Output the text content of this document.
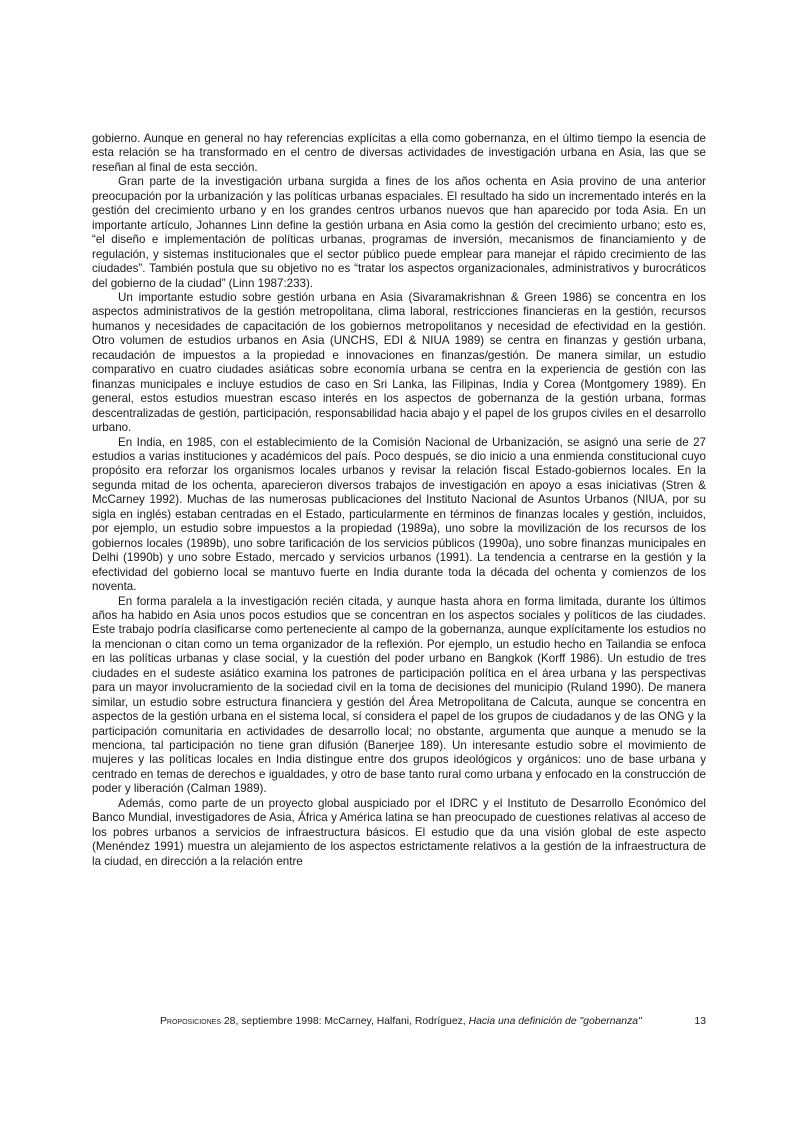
gobierno. Aunque en general no hay referencias explícitas a ella como gobernanza, en el último tiempo la esencia de esta relación se ha transformado en el centro de diversas actividades de investigación urbana en Asia, las que se reseñan al final de esta sección.

Gran parte de la investigación urbana surgida a fines de los años ochenta en Asia provino de una anterior preocupación por la urbanización y las políticas urbanas espaciales. El resultado ha sido un incrementado interés en la gestión del crecimiento urbano y en los grandes centros urbanos nuevos que han aparecido por toda Asia. En un importante artículo, Johannes Linn define la gestión urbana en Asia como la gestión del crecimiento urbano; esto es, “el diseño e implementación de políticas urbanas, programas de inversión, mecanismos de financiamiento y de regulación, y sistemas institucionales que el sector público puede emplear para manejar el rápido crecimiento de las ciudades”. También postula que su objetivo no es “tratar los aspectos organizacionales, administrativos y burocráticos del gobierno de la ciudad” (Linn 1987:233).

Un importante estudio sobre gestión urbana en Asia (Sivaramakrishnan & Green 1986) se concentra en los aspectos administrativos de la gestión metropolitana, clima laboral, restricciones financieras en la gestión, recursos humanos y necesidades de capacitación de los gobiernos metropolitanos y necesidad de efectividad en la gestión. Otro volumen de estudios urbanos en Asia (UNCHS, EDI & NIUA 1989) se centra en finanzas y gestión urbana, recaudación de impuestos a la propiedad e innovaciones en finanzas/gestión. De manera similar, un estudio comparativo en cuatro ciudades asiáticas sobre economía urbana se centra en la experiencia de gestión con las finanzas municipales e incluye estudios de caso en Sri Lanka, las Filipinas, India y Corea (Montgomery 1989). En general, estos estudios muestran escaso interés en los aspectos de gobernanza de la gestión urbana, formas descentralizadas de gestión, participación, responsabilidad hacia abajo y el papel de los grupos civiles en el desarrollo urbano.

En India, en 1985, con el establecimiento de la Comisión Nacional de Urbanización, se asignó una serie de 27 estudios a varias instituciones y académicos del país. Poco después, se dio inicio a una enmienda constitucional cuyo propósito era reforzar los organismos locales urbanos y revisar la relación fiscal Estado-gobiernos locales. En la segunda mitad de los ochenta, aparecieron diversos trabajos de investigación en apoyo a esas iniciativas (Stren & McCarney 1992). Muchas de las numerosas publicaciones del Instituto Nacional de Asuntos Urbanos (NIUA, por su sigla en inglés) estaban centradas en el Estado, particularmente en términos de finanzas locales y gestión, incluidos, por ejemplo, un estudio sobre impuestos a la propiedad (1989a), uno sobre la movilización de los recursos de los gobiernos locales (1989b), uno sobre tarificación de los servicios públicos (1990a), uno sobre finanzas municipales en Delhi (1990b) y uno sobre Estado, mercado y servicios urbanos (1991). La tendencia a centrarse en la gestión y la efectividad del gobierno local se mantuvo fuerte en India durante toda la década del ochenta y comienzos de los noventa.

En forma paralela a la investigación recién citada, y aunque hasta ahora en forma limitada, durante los últimos años ha habido en Asia unos pocos estudios que se concentran en los aspectos sociales y políticos de las ciudades. Este trabajo podría clasificarse como perteneciente al campo de la gobernanza, aunque explícitamente los estudios no la mencionan o citan como un tema organizador de la reflexión. Por ejemplo, un estudio hecho en Tailandia se enfoca en las políticas urbanas y clase social, y la cuestión del poder urbano en Bangkok (Korff 1986). Un estudio de tres ciudades en el sudeste asiático examina los patrones de participación política en el área urbana y las perspectivas para un mayor involucramiento de la sociedad civil en la toma de decisiones del municipio (Ruland 1990). De manera similar, un estudio sobre estructura financiera y gestión del Área Metropolitana de Calcuta, aunque se concentra en aspectos de la gestión urbana en el sistema local, sí considera el papel de los grupos de ciudadanos y de las ONG y la participación comunitaria en actividades de desarrollo local; no obstante, argumenta que aunque a menudo se la menciona, tal participación no tiene gran difusión (Banerjee 189). Un interesante estudio sobre el movimiento de mujeres y las políticas locales en India distingue entre dos grupos ideológicos y orgánicos: uno de base urbana y centrado en temas de derechos e igualdades, y otro de base tanto rural como urbana y enfocado en la construcción de poder y liberación (Calman 1989).

Además, como parte de un proyecto global auspiciado por el IDRC y el Instituto de Desarrollo Económico del Banco Mundial, investigadores de Asia, África y América latina se han preocupado de cuestiones relativas al acceso de los pobres urbanos a servicios de infraestructura básicos. El estudio que da una visión global de este aspecto (Menéndez 1991) muestra un alejamiento de los aspectos estrictamente relativos a la gestión de la infraestructura de la ciudad, en dirección a la relación entre

Proposiciones 28, septiembre 1998: McCarney, Halfani, Rodríguez, Hacia una definición de "gobernanza"	13
